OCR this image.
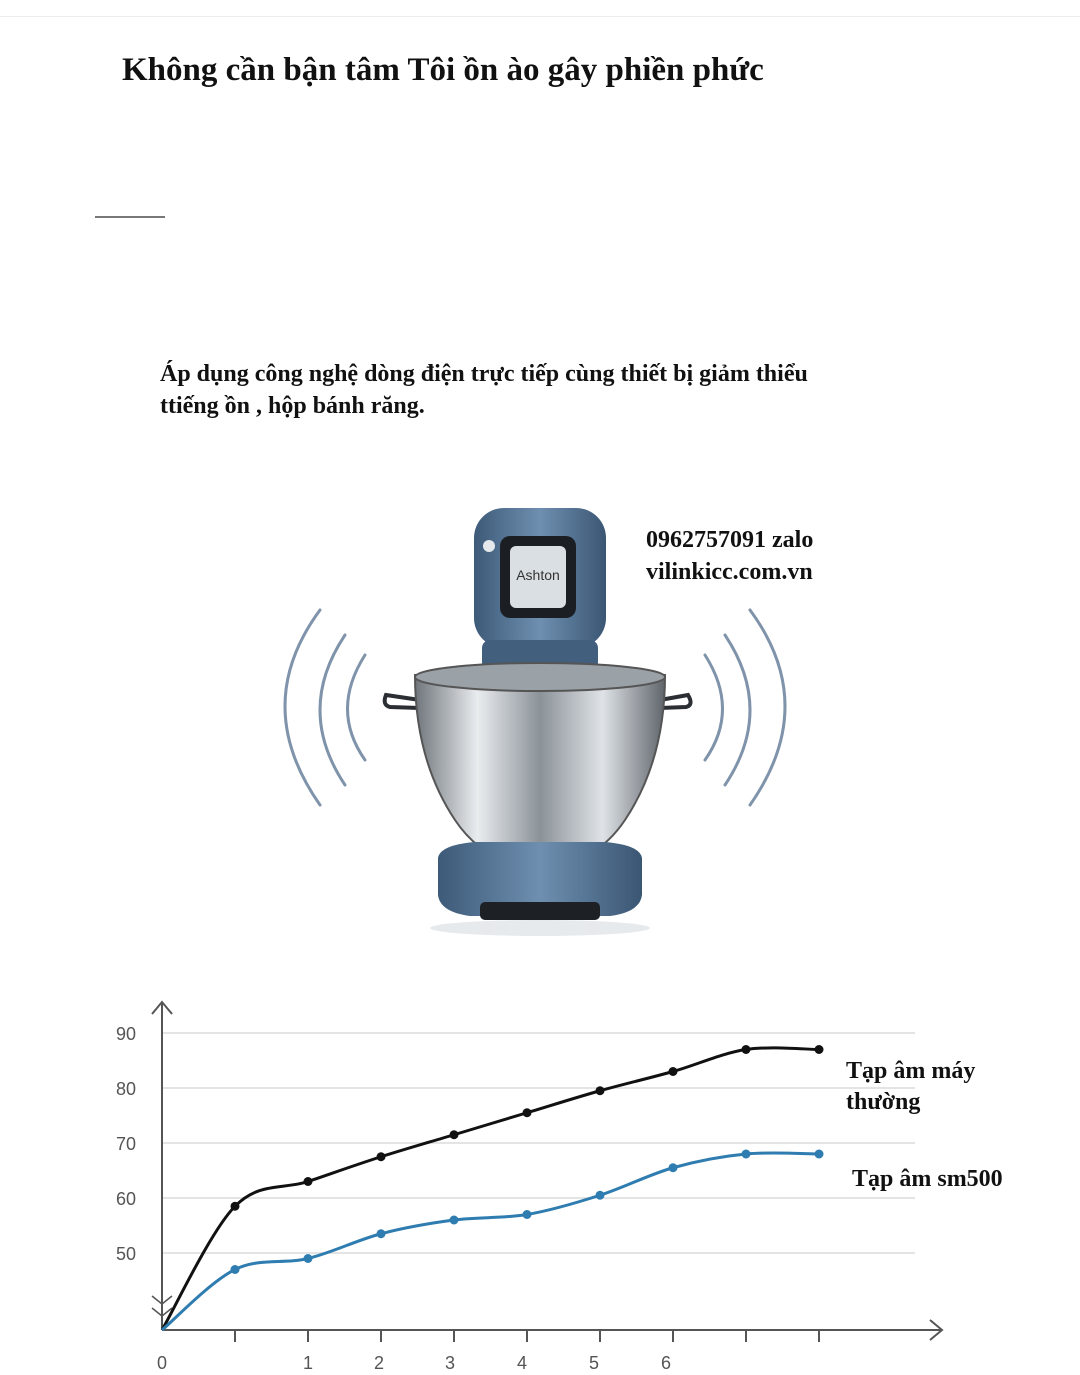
Không cần bận tâm Tôi ồn ào gây phiền phức
Áp dụng công nghệ dòng điện trực tiếp cùng thiết bị giảm thiểu
ttiếng ồn , hộp bánh răng.
0962757091 zalo
vilinkicc.com.vn
Ashton
50
60
70
80
90
0	1	2	3	4	5	6
Tạp âm máy thường
Tạp âm sm500
